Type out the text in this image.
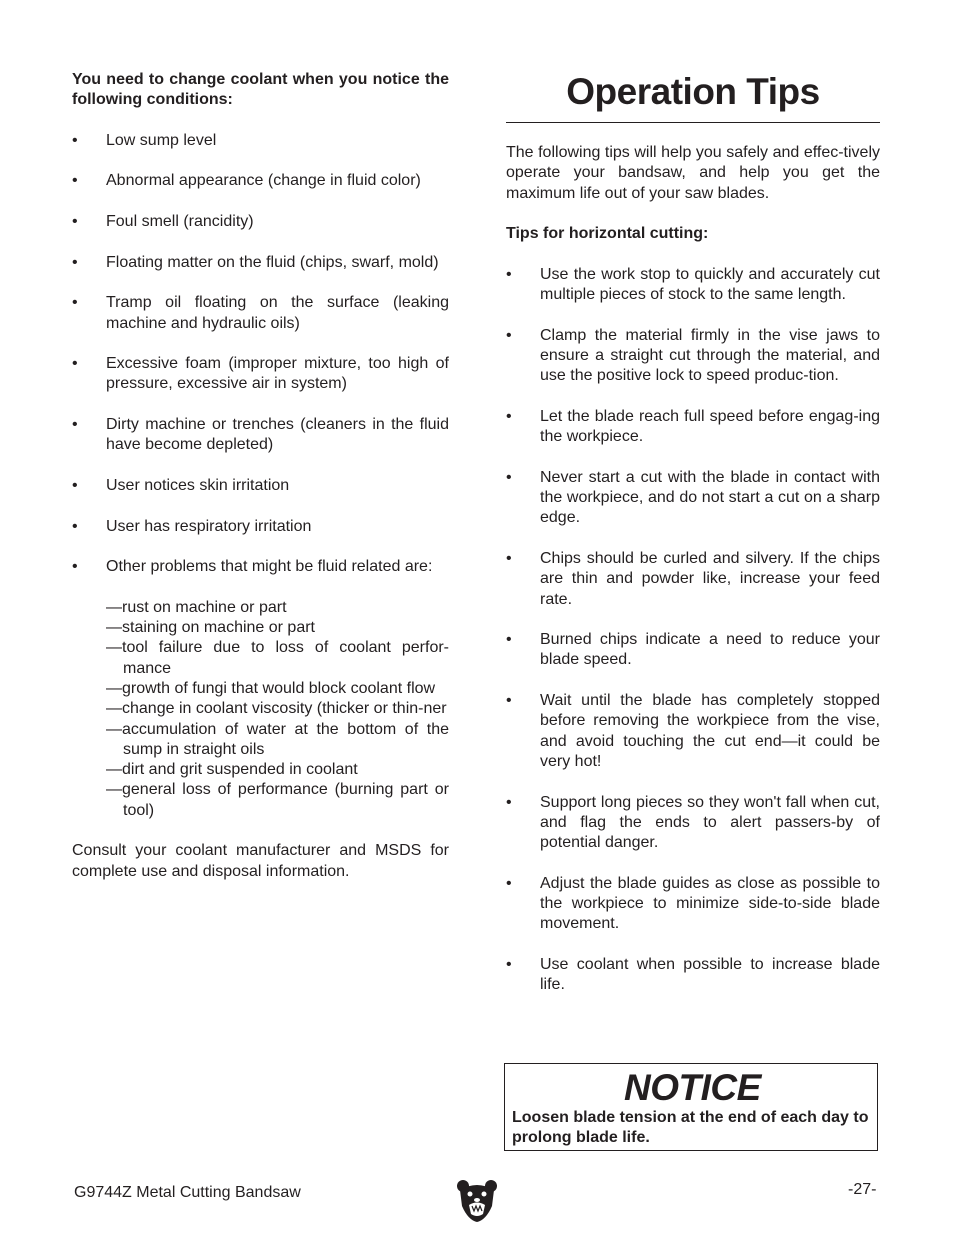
You need to change coolant when you notice the following conditions:

• Low sump level
• Abnormal appearance (change in fluid color)
• Foul smell (rancidity)
• Floating matter on the fluid (chips, swarf, mold)
• Tramp oil floating on the surface (leaking machine and hydraulic oils)
• Excessive foam (improper mixture, too high of pressure, excessive air in system)
• Dirty machine or trenches (cleaners in the fluid have become depleted)
• User notices skin irritation
• User has respiratory irritation
• Other problems that might be fluid related are:
—rust on machine or part
—staining on machine or part
—tool failure due to loss of coolant perfor-mance
—growth of fungi that would block coolant flow
—change in coolant viscosity (thicker or thin-ner
—accumulation of water at the bottom of the sump in straight oils
—dirt and grit suspended in coolant
—general loss of performance (burning part or tool)

Consult your coolant manufacturer and MSDS for complete use and disposal information.

Operation Tips

The following tips will help you safely and effec-tively operate your bandsaw, and help you get the maximum life out of your saw blades.

Tips for horizontal cutting:

• Use the work stop to quickly and accurately cut multiple pieces of stock to the same length.
• Clamp the material firmly in the vise jaws to ensure a straight cut through the material, and use the positive lock to speed produc-tion.
• Let the blade reach full speed before engag-ing the workpiece.
• Never start a cut with the blade in contact with the workpiece, and do not start a cut on a sharp edge.
• Chips should be curled and silvery. If the chips are thin and powder like, increase your feed rate.
• Burned chips indicate a need to reduce your blade speed.
• Wait until the blade has completely stopped before removing the workpiece from the vise, and avoid touching the cut end—it could be very hot!
• Support long pieces so they won't fall when cut, and flag the ends to alert passers-by of potential danger.
• Adjust the blade guides as close as possible to the workpiece to minimize side-to-side blade movement.
• Use coolant when possible to increase blade life.
NOTICE
Loosen blade tension at the end of each day to prolong blade life.
G9744Z Metal Cutting Bandsaw	-27-
